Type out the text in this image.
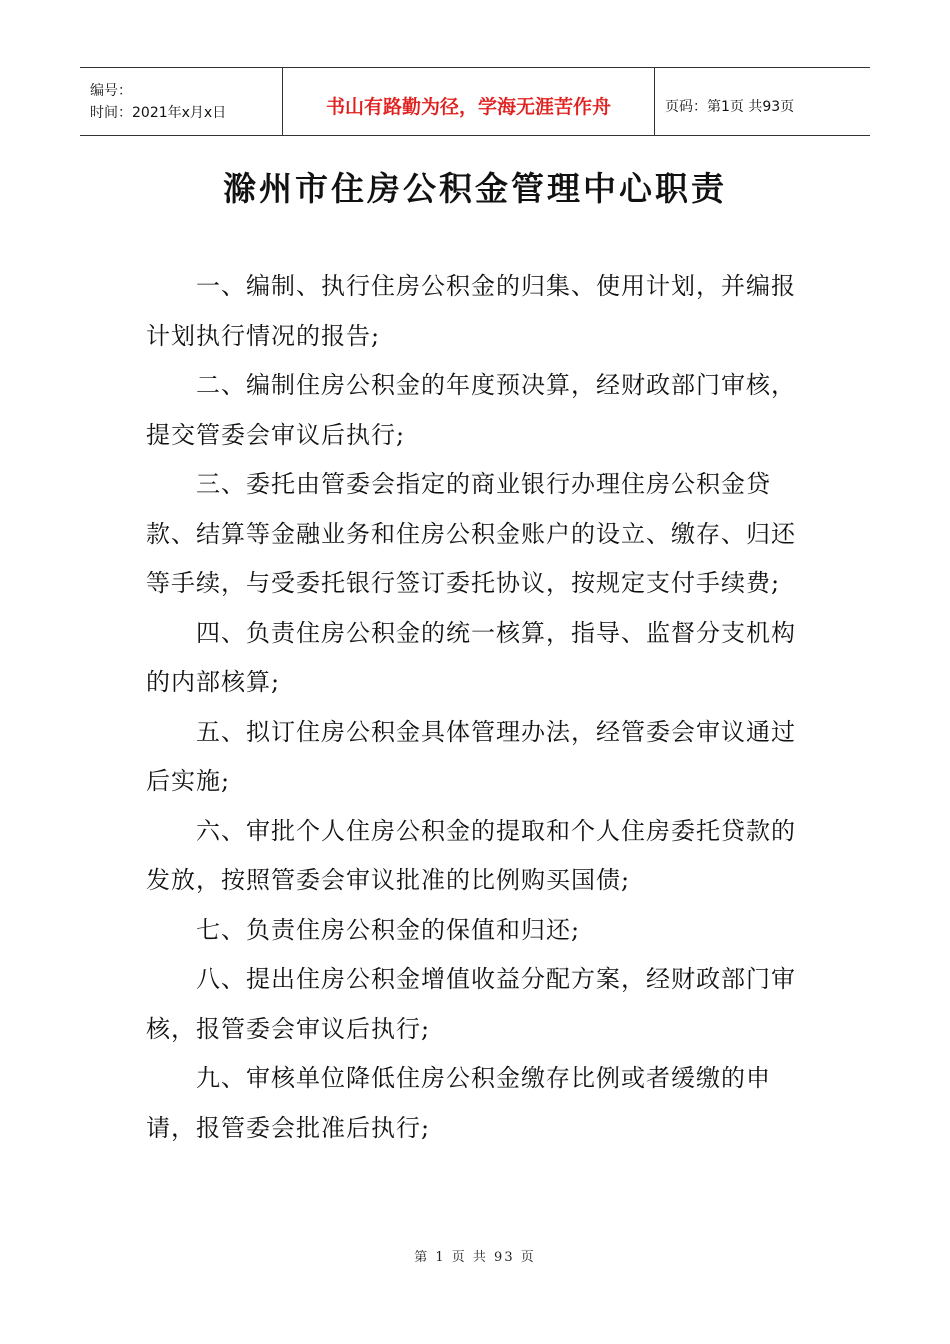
编号：
时间：2021年x月x日	书山有路勤为径，学海无涯苦作舟	页码：第1页 共93页
滁州市住房公积金管理中心职责

一、编制、执行住房公积金的归集、使用计划，并编报计划执行情况的报告;

二、编制住房公积金的年度预决算，经财政部门审核，提交管委会审议后执行;

三、委托由管委会指定的商业银行办理住房公积金贷款、结算等金融业务和住房公积金账户的设立、缴存、归还等手续，与受委托银行签订委托协议，按规定支付手续费;

四、负责住房公积金的统一核算，指导、监督分支机构的内部核算;

五、拟订住房公积金具体管理办法，经管委会审议通过后实施;

六、审批个人住房公积金的提取和个人住房委托贷款的发放，按照管委会审议批准的比例购买国债;

七、负责住房公积金的保值和归还;

八、提出住房公积金增值收益分配方案，经财政部门审核，报管委会审议后执行;

九、审核单位降低住房公积金缴存比例或者缓缴的申请，报管委会批准后执行;

第 1 页 共 93 页
